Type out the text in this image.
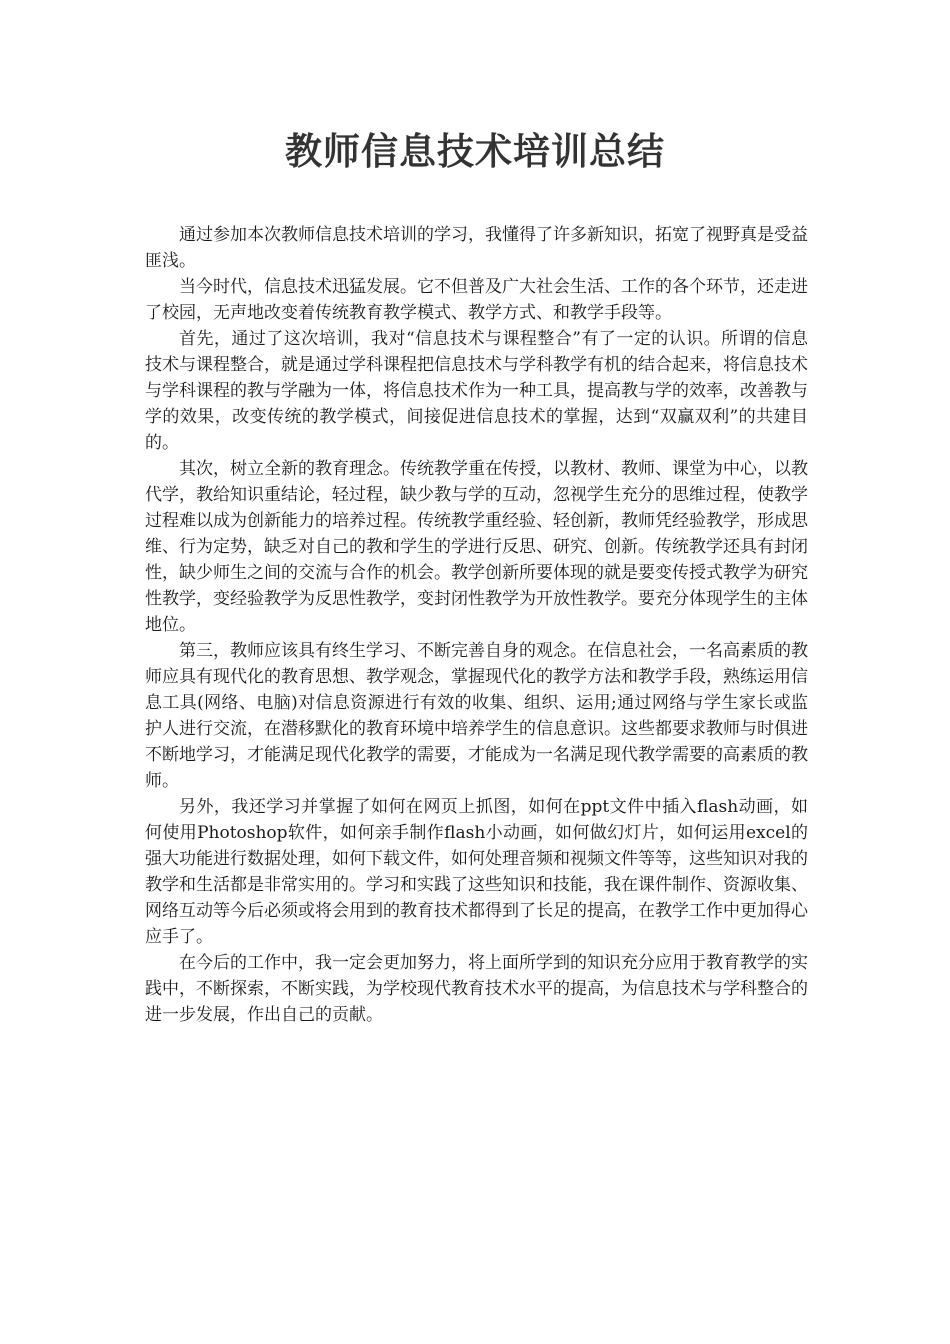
教师信息技术培训总结

通过参加本次教师信息技术培训的学习，我懂得了许多新知识，拓宽了视野真是受益匪浅。

当今时代，信息技术迅猛发展。它不但普及广大社会生活、工作的各个环节，还走进了校园，无声地改变着传统教育教学模式、教学方式、和教学手段等。

首先，通过了这次培训，我对“信息技术与课程整合”有了一定的认识。所谓的信息技术与课程整合，就是通过学科课程把信息技术与学科教学有机的结合起来，将信息技术与学科课程的教与学融为一体，将信息技术作为一种工具，提高教与学的效率，改善教与学的效果，改变传统的教学模式，间接促进信息技术的掌握，达到“双赢双利”的共建目的。

其次，树立全新的教育理念。传统教学重在传授，以教材、教师、课堂为中心，以教代学，教给知识重结论，轻过程，缺少教与学的互动，忽视学生充分的思维过程，使教学过程难以成为创新能力的培养过程。传统教学重经验、轻创新，教师凭经验教学，形成思维、行为定势，缺乏对自己的教和学生的学进行反思、研究、创新。传统教学还具有封闭性，缺少师生之间的交流与合作的机会。教学创新所要体现的就是要变传授式教学为研究性教学，变经验教学为反思性教学，变封闭性教学为开放性教学。要充分体现学生的主体地位。

第三，教师应该具有终生学习、不断完善自身的观念。在信息社会，一名高素质的教师应具有现代化的教育思想、教学观念，掌握现代化的教学方法和教学手段，熟练运用信息工具(网络、电脑)对信息资源进行有效的收集、组织、运用;通过网络与学生家长或监护人进行交流，在潜移默化的教育环境中培养学生的信息意识。这些都要求教师与时俱进不断地学习，才能满足现代化教学的需要，才能成为一名满足现代教学需要的高素质的教师。

另外，我还学习并掌握了如何在网页上抓图，如何在ppt文件中插入flash动画，如何使用Photoshop软件，如何亲手制作flash小动画，如何做幻灯片，如何运用excel的强大功能进行数据处理，如何下载文件，如何处理音频和视频文件等等，这些知识对我的教学和生活都是非常实用的。学习和实践了这些知识和技能，我在课件制作、资源收集、网络互动等今后必须或将会用到的教育技术都得到了长足的提高，在教学工作中更加得心应手了。

在今后的工作中，我一定会更加努力，将上面所学到的知识充分应用于教育教学的实践中，不断探索，不断实践，为学校现代教育技术水平的提高，为信息技术与学科整合的进一步发展，作出自己的贡献。
